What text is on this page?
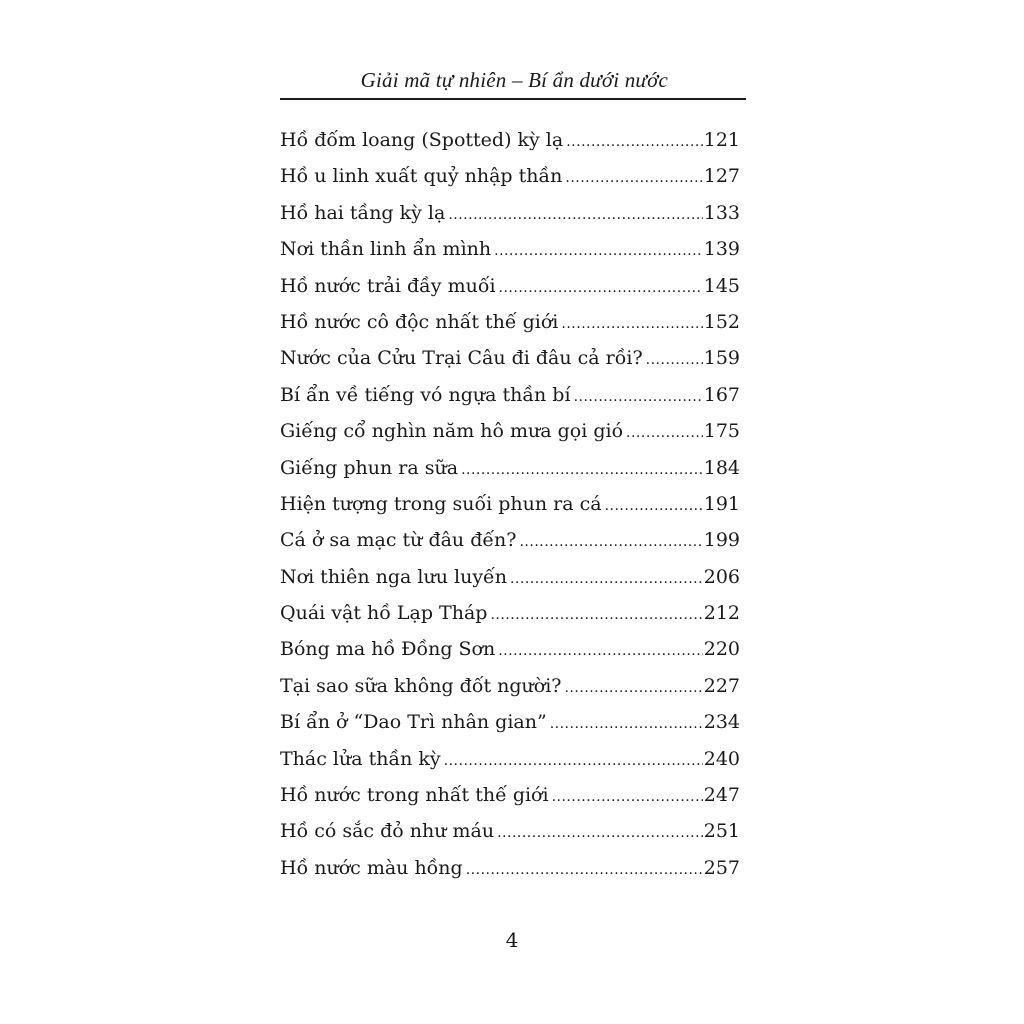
Giải mã tự nhiên – Bí ẩn dưới nước
Hồ đốm loang (Spotted) kỳ lạ .....	121
Hồ u linh xuất quỷ nhập thần .....	127
Hồ hai tầng kỳ lạ .....	133
Nơi thần linh ẩn mình .....	139
Hồ nước trải đầy muối .....	145
Hồ nước cô độc nhất thế giới .....	152
Nước của Cửu Trại Câu đi đâu cả rồi? .....	159
Bí ẩn về tiếng vó ngựa thần bí .....	167
Giếng cổ nghìn năm hô mưa gọi gió .....	175
Giếng phun ra sữa .....	184
Hiện tượng trong suối phun ra cá .....	191
Cá ở sa mạc từ đâu đến? .....	199
Nơi thiên nga lưu luyến .....	206
Quái vật hồ Lạp Tháp .....	212
Bóng ma hồ Đồng Sơn .....	220
Tại sao sữa không đốt người? .....	227
Bí ẩn ở “Dao Trì nhân gian” .....	234
Thác lửa thần kỳ .....	240
Hồ nước trong nhất thế giới .....	247
Hồ có sắc đỏ như máu .....	251
Hồ nước màu hồng .....	257
4
